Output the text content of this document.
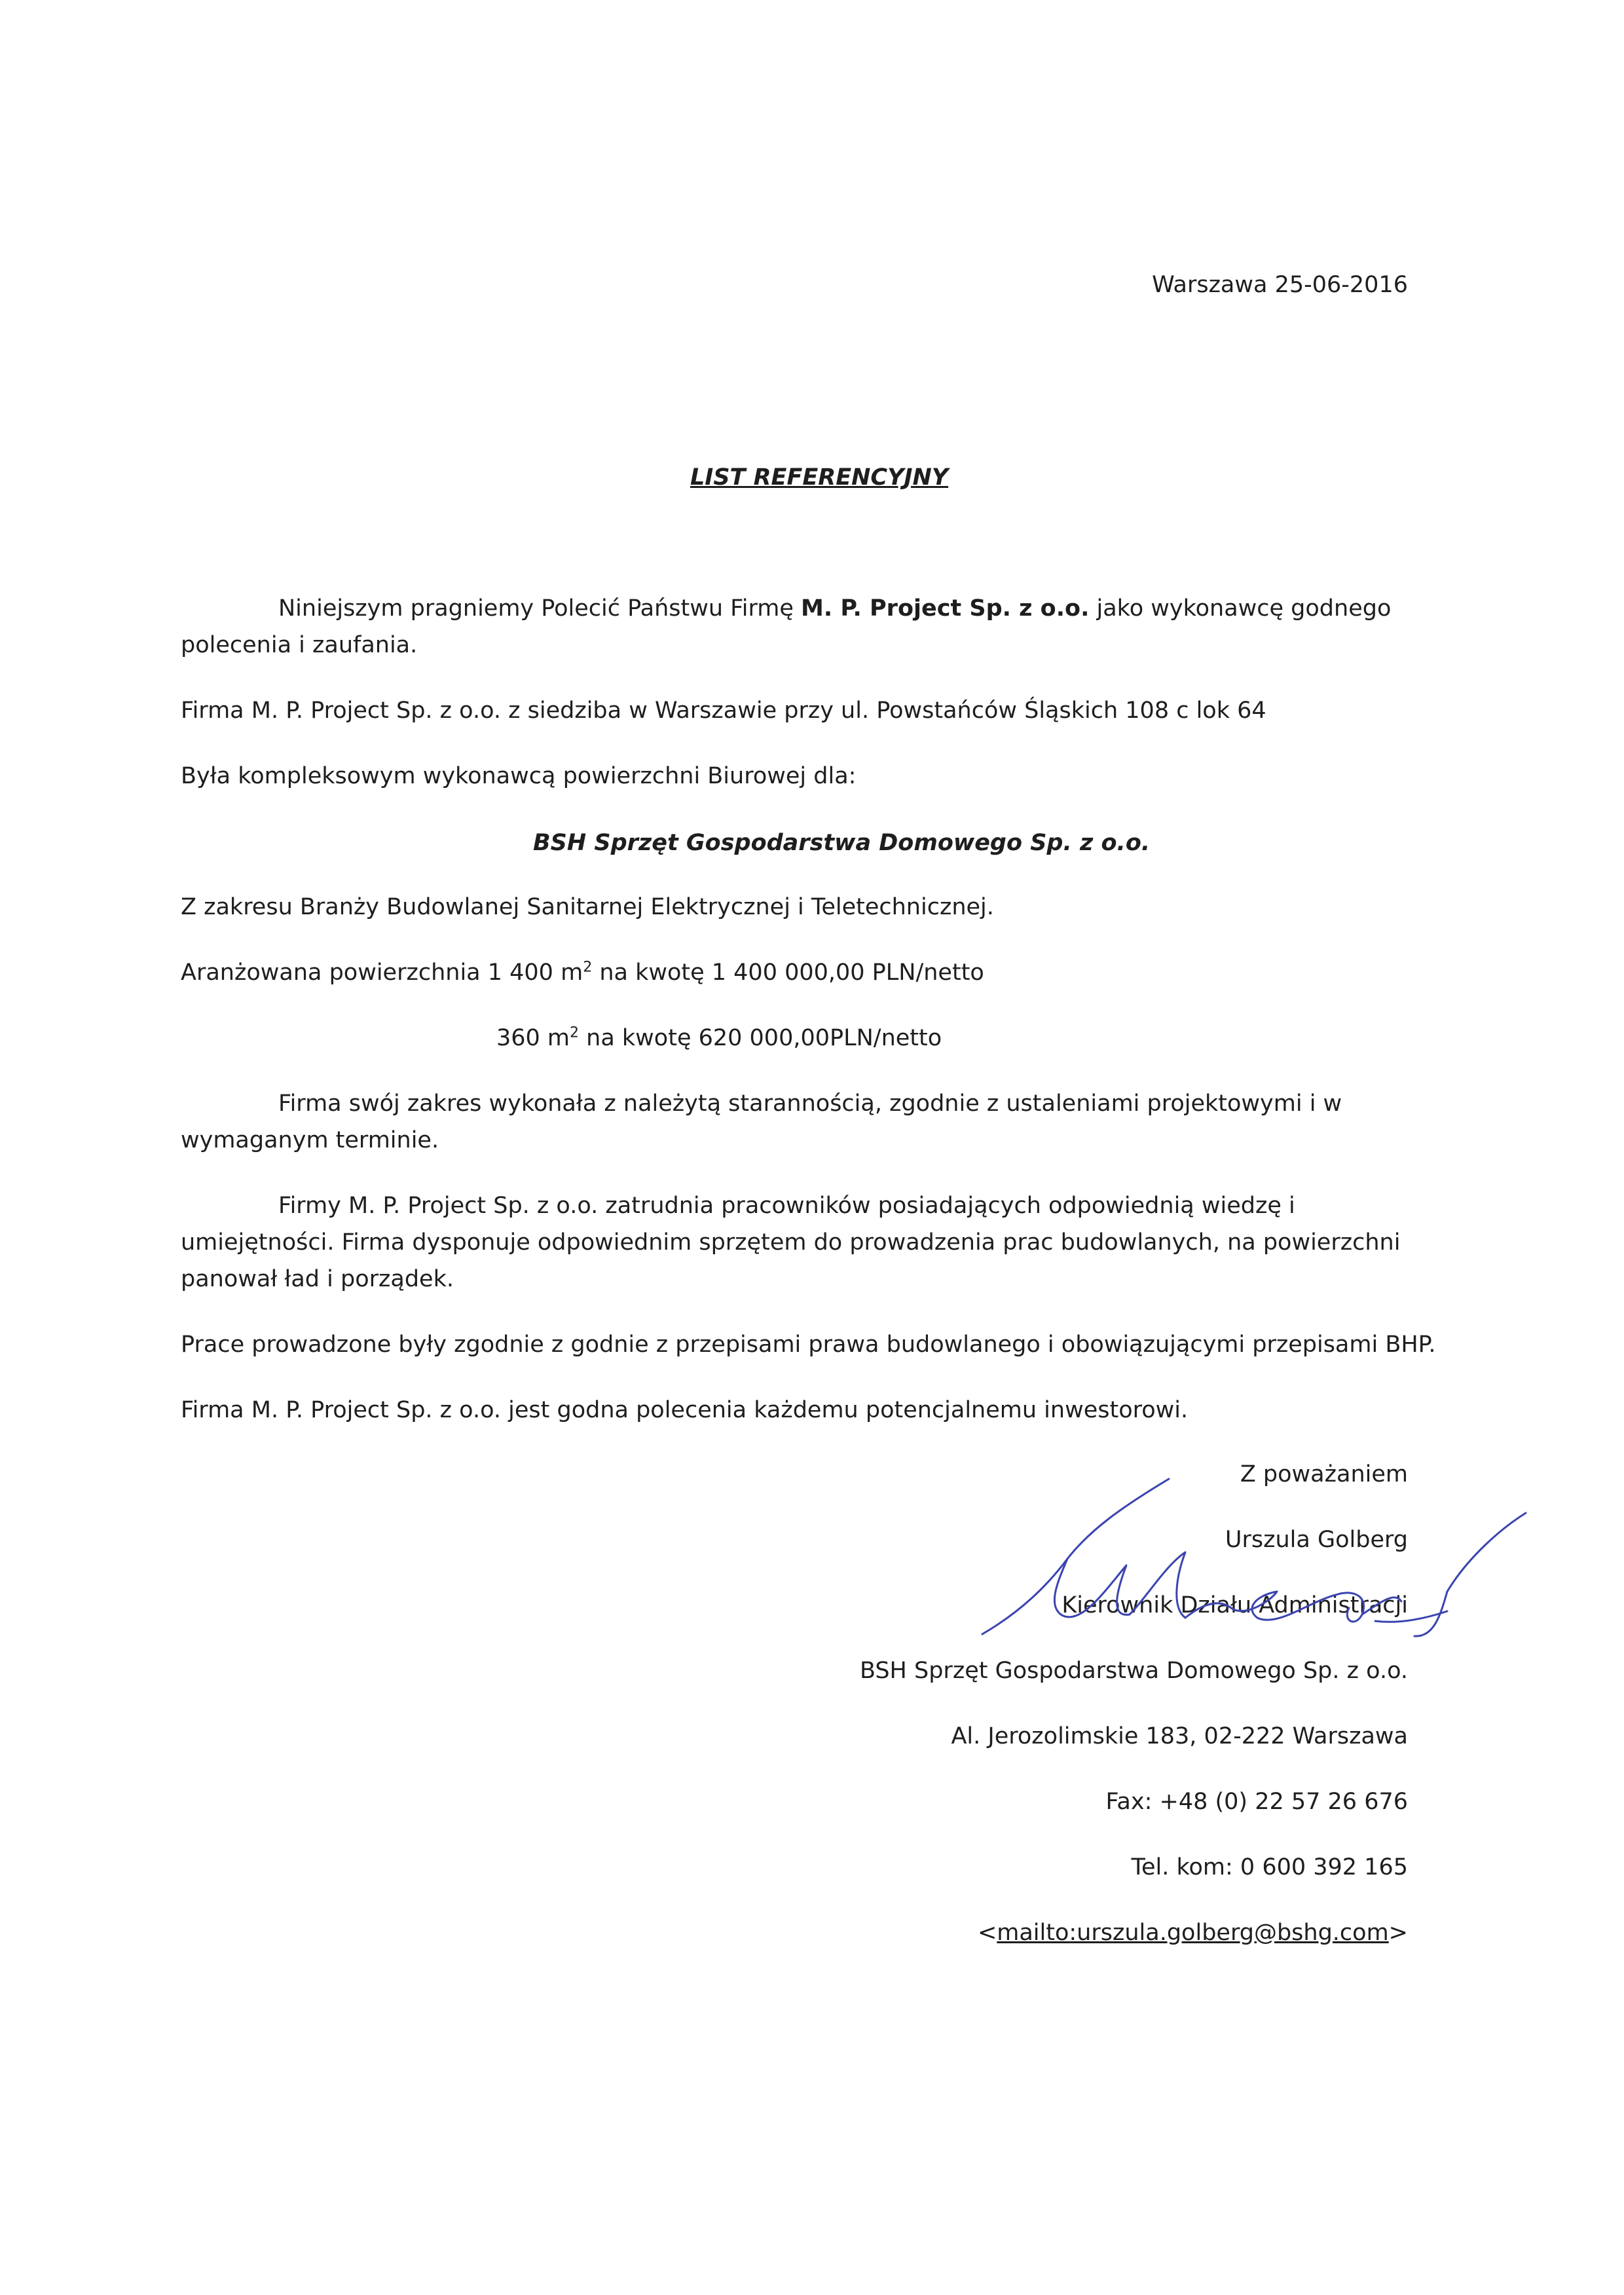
Warszawa 25-06-2016
LIST REFERENCYJNY
Niniejszym pragniemy Polecić Państwu Firmę M. P. Project Sp. z o.o. jako wykonawcę godnego
polecenia i zaufania.
Firma M. P. Project Sp. z o.o. z siedziba w Warszawie przy ul. Powstańców Śląskich 108 c lok 64
Była kompleksowym wykonawcą powierzchni Biurowej dla:
BSH Sprzęt Gospodarstwa Domowego Sp. z o.o.
Z zakresu Branży Budowlanej Sanitarnej Elektrycznej i Teletechnicznej.
Aranżowana powierzchnia 1 400 $m^2$ na kwotę 1 400 000,00 PLN/netto
360 $m^2$ na kwotę 620 000,00PLN/netto
Firma swój zakres wykonała z należytą starannością, zgodnie z ustaleniami projektowymi i w
wymaganym terminie.
Firmy M. P. Project Sp. z o.o. zatrudnia pracowników posiadających odpowiednią wiedzę i
umiejętności. Firma dysponuje odpowiednim sprzętem do prowadzenia prac budowlanych, na powierzchni
panował ład i porządek.
Prace prowadzone były zgodnie z godnie z przepisami prawa budowlanego i obowiązującymi przepisami BHP.
Firma M. P. Project Sp. z o.o. jest godna polecenia każdemu potencjalnemu inwestorowi.
Z poważaniem
Urszula Golberg
Kierownik Działu Administracji
BSH Sprzęt Gospodarstwa Domowego Sp. z o.o.
Al. Jerozolimskie 183, 02-222 Warszawa
Fax: +48 (0) 22 57 26 676
Tel. kom: 0 600 392 165
<mailto:urszula.golberg@bshg.com>
